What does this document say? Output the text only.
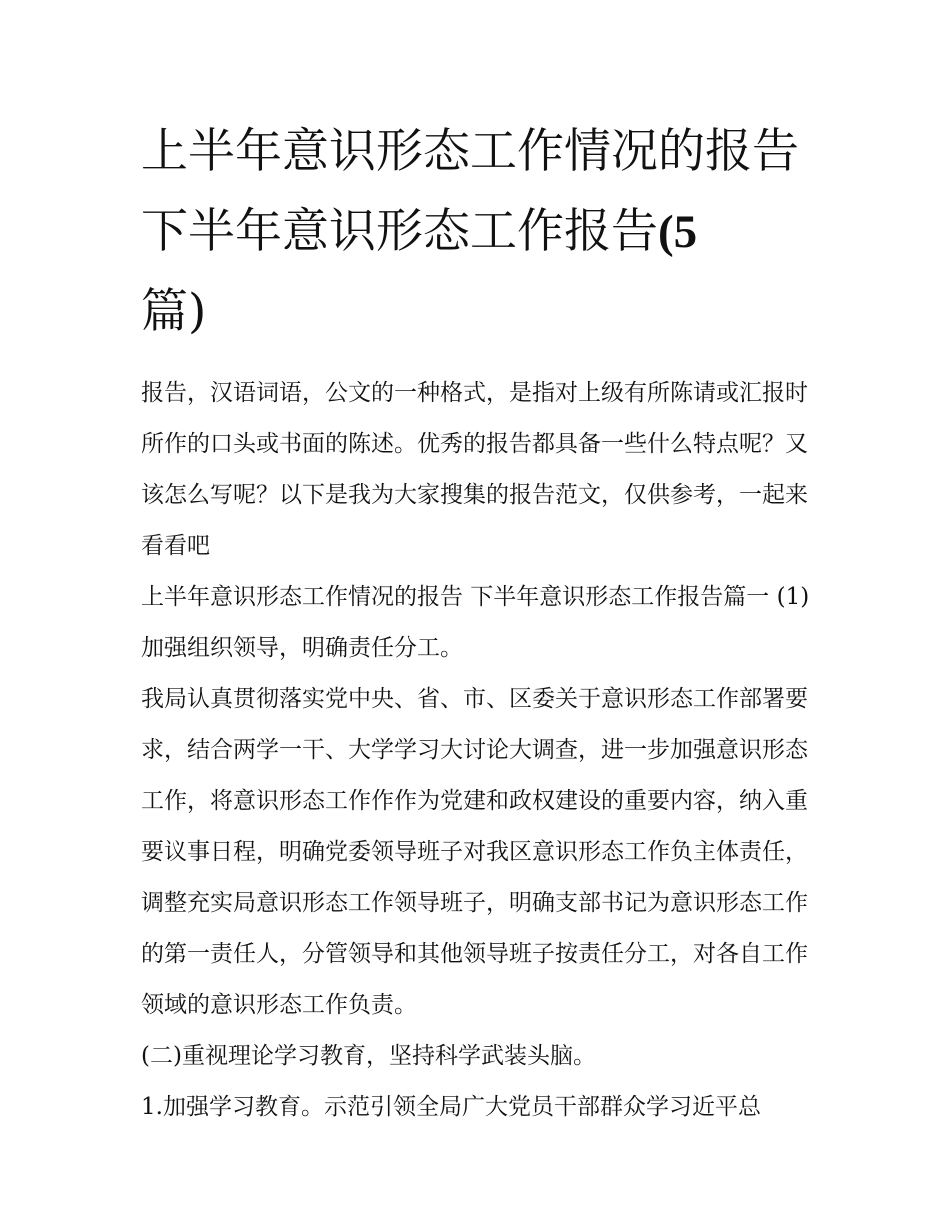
上半年意识形态工作情况的报告 下半年意识形态工作报告(5
篇)

报告，汉语词语，公文的一种格式，是指对上级有所陈请或汇报时所作的口头或书面的陈述。优秀的报告都具备一些什么特点呢？又该怎么写呢？以下是我为大家搜集的报告范文，仅供参考，一起来看看吧

上半年意识形态工作情况的报告 下半年意识形态工作报告篇一 (1)加强组织领导，明确责任分工。

我局认真贯彻落实党中央、省、市、区委关于意识形态工作部署要求，结合两学一干、大学学习大讨论大调查，进一步加强意识形态工作，将意识形态工作作作为党建和政权建设的重要内容，纳入重要议事日程，明确党委领导班子对我区意识形态工作负主体责任，调整充实局意识形态工作领导班子，明确支部书记为意识形态工作的第一责任人，分管领导和其他领导班子按责任分工，对各自工作领域的意识形态工作负责。

(二)重视理论学习教育，坚持科学武装头脑。

1.加强学习教育。示范引领全局广大党员干部群众学习近平总
